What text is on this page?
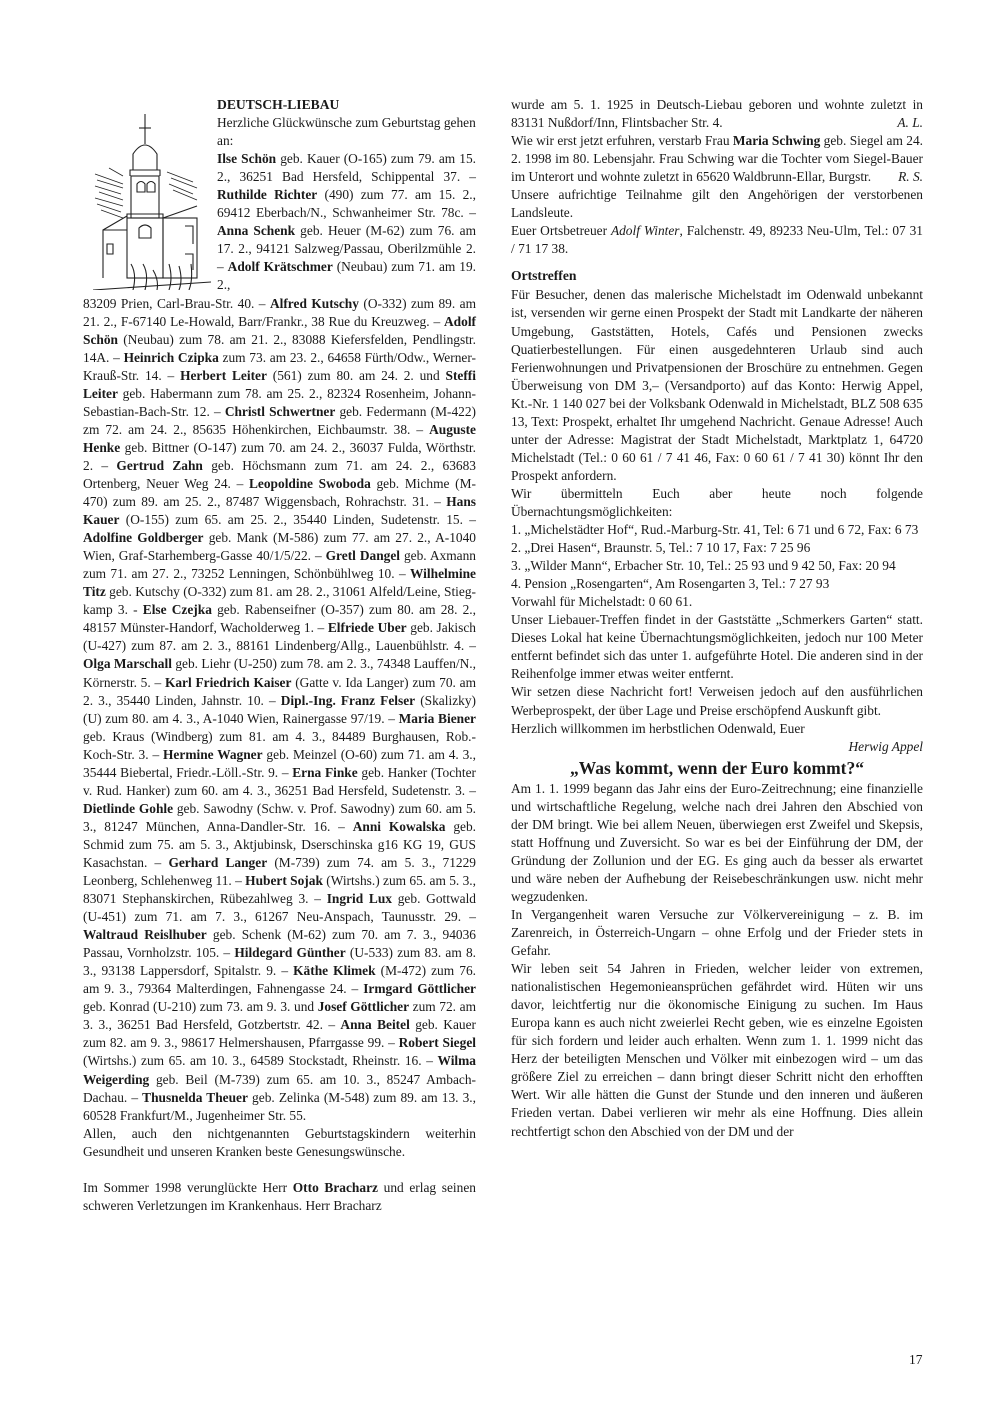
DEUTSCH-LIEBAU

Herzliche Glückwünsche zum Geburtstag gehen an:

Ilse Schön geb. Kauer (O-165) zum 79. am 15. 2., 36251 Bad Hersfeld, Schippental 37. – Ruthilde Richter (490) zum 77. am 15. 2., 69412 Eberbach/N., Schwanheimer Str. 78c. – Anna Schenk geb. Heuer (M-62) zum 76. am 17. 2., 94121 Salzweg/Passau, Oberilzmühle 2. – Adolf Krätschmer (Neubau) zum 71. am 19. 2.,

83209 Prien, Carl-Brau-Str. 40. – Alfred Kutschy (O-332) zum 89. am 21. 2., F-67140 Le-Howald, Barr/Frankr., 38 Rue du Kreuzweg. – Adolf Schön (Neubau) zum 78. am 21. 2., 83088 Kiefersfelden, Pendlingstr. 14A. – Heinrich Czipka zum 73. am 23. 2., 64658 Fürth/Odw., Werner-Krauß-Str. 14. – Herbert Leiter (561) zum 80. am 24. 2. und Steffi Leiter geb. Habermann zum 78. am 25. 2., 82324 Rosenheim, Johann-Sebastian-Bach-Str. 12. – Christl Schwertner geb. Federmann (M-422) zm 72. am 24. 2., 85635 Höhenkirchen, Eichbaumstr. 38. – Auguste Henke geb. Bittner (O-147) zum 70. am 24. 2., 36037 Fulda, Wörthstr. 2. – Gertrud Zahn geb. Höchsmann zum 71. am 24. 2., 63683 Ortenberg, Neuer Weg 24. – Leopoldine Swoboda geb. Michme (M-470) zum 89. am 25. 2., 87487 Wiggensbach, Rohrachstr. 31. – Hans Kauer (O-155) zum 65. am 25. 2., 35440 Linden, Sudetenstr. 15. – Adolfine Goldberger geb. Mank (M-586) zum 77. am 27. 2., A-1040 Wien, Graf-Starhemberg-Gasse 40/1/5/22. – Gretl Dangel geb. Axmann zum 71. am 27. 2., 73252 Lenningen, Schönbühlweg 10. – Wilhelmine Titz geb. Kutschy (O-332) zum 81. am 28. 2., 31061 Alfeld/Leine, Stieg-kamp 3. - Else Czejka geb. Rabenseifner (O-357) zum 80. am 28. 2., 48157 Münster-Handorf, Wacholderweg 1. – Elfriede Uber geb. Jakisch (U-427) zum 87. am 2. 3., 88161 Lindenberg/Allg., Lauenbühlstr. 4. – Olga Marschall geb. Liehr (U-250) zum 78. am 2. 3., 74348 Lauffen/N., Körnerstr. 5. – Karl Friedrich Kaiser (Gatte v. Ida Langer) zum 70. am 2. 3., 35440 Linden, Jahnstr. 10. – Dipl.-Ing. Franz Felser (Skalizky) (U) zum 80. am 4. 3., A-1040 Wien, Rainergasse 97/19. – Maria Biener geb. Kraus (Windberg) zum 81. am 4. 3., 84489 Burghausen, Rob.-Koch-Str. 3. – Hermine Wagner geb. Meinzel (O-60) zum 71. am 4. 3., 35444 Biebertal, Friedr.-Löll.-Str. 9. – Erna Finke geb. Hanker (Tochter v. Rud. Hanker) zum 60. am 4. 3., 36251 Bad Hersfeld, Sudetenstr. 3. – Dietlinde Gohle geb. Sawodny (Schw. v. Prof. Sawodny) zum 60. am 5. 3., 81247 München, Anna-Dandler-Str. 16. – Anni Kowalska geb. Schmid zum 75. am 5. 3., Aktjubinsk, Dserschinska g16 KG 19, GUS Kasachstan. – Gerhard Langer (M-739) zum 74. am 5. 3., 71229 Leonberg, Schlehenweg 11. – Hubert Sojak (Wirtshs.) zum 65. am 5. 3., 83071 Stephanskirchen, Rübezahlweg 3. – Ingrid Lux geb. Gottwald (U-451) zum 71. am 7. 3., 61267 Neu-Anspach, Taunusstr. 29. – Waltraud Reislhuber geb. Schenk (M-62) zum 70. am 7. 3., 94036 Passau, Vornholzstr. 105. – Hildegard Günther (U-533) zum 83. am 8. 3., 93138 Lappersdorf, Spitalstr. 9. – Käthe Klimek (M-472) zum 76. am 9. 3., 79364 Malterdingen, Fahnengasse 24. – Irmgard Göttlicher geb. Konrad (U-210) zum 73. am 9. 3. und Josef Göttlicher zum 72. am 3. 3., 36251 Bad Hersfeld, Gotzbertstr. 42. – Anna Beitel geb. Kauer zum 82. am 9. 3., 98617 Helmershausen, Pfarrgasse 99. – Robert Siegel (Wirtshs.) zum 65. am 10. 3., 64589 Stockstadt, Rheinstr. 16. – Wilma Weigerding geb. Beil (M-739) zum 65. am 10. 3., 85247 Ambach-Dachau. – Thusnelda Theuer geb. Zelinka (M-548) zum 89. am 13. 3., 60528 Frankfurt/M., Jugenheimer Str. 55.

Allen, auch den nichtgenannten Geburtstagskindern weiterhin Gesundheit und unseren Kranken beste Genesungswünsche.

Im Sommer 1998 verunglückte Herr Otto Bracharz und erlag seinen schweren Verletzungen im Krankenhaus. Herr Bracharz

wurde am 5. 1. 1925 in Deutsch-Liebau geboren und wohnte zuletzt in 83131 Nußdorf/Inn, Flintsbacher Str. 4.	A. L.

Wie wir erst jetzt erfuhren, verstarb Frau Maria Schwing geb. Siegel am 24. 2. 1998 im 80. Lebensjahr. Frau Schwing war die Tochter vom Siegel-Bauer im Unterort und wohnte zuletzt in 65620 Waldbrunn-Ellar, Burgstr. R. S.

Unsere aufrichtige Teilnahme gilt den Angehörigen der verstorbenen Landsleute.

Euer Ortsbetreuer Adolf Winter, Falchenstr. 49, 89233 Neu-Ulm, Tel.: 07 31 / 71 17 38.

Ortstreffen

Für Besucher, denen das malerische Michelstadt im Odenwald unbekannt ist, versenden wir gerne einen Prospekt der Stadt mit Landkarte der näheren Umgebung, Gaststätten, Hotels, Cafés und Pensionen zwecks Quatierbestellungen. Für einen ausgedehnteren Urlaub sind auch Ferienwohnungen und Privatpensionen der Broschüre zu entnehmen. Gegen Überweisung von DM 3,– (Versandporto) auf das Konto: Herwig Appel, Kt.-Nr. 1 140 027 bei der Volksbank Odenwald in Michelstadt, BLZ 508 635 13, Text: Prospekt, erhaltet Ihr umgehend Nachricht. Genaue Adresse! Auch unter der Adresse: Magistrat der Stadt Michelstadt, Marktplatz 1, 64720 Michelstadt (Tel.: 0 60 61 / 7 41 46, Fax: 0 60 61 / 7 41 30) könnt Ihr den Prospekt anfordern.

Wir übermitteln Euch aber heute noch folgende Übernachtungsmöglichkeiten:

1. „Michelstädter Hof“, Rud.-Marburg-Str. 41, Tel: 6 71 und 6 72, Fax: 6 73

2. „Drei Hasen“, Braunstr. 5, Tel.: 7 10 17, Fax: 7 25 96

3. „Wilder Mann“, Erbacher Str. 10, Tel.: 25 93 und 9 42 50, Fax: 20 94

4. Pension „Rosengarten“, Am Rosengarten 3, Tel.: 7 27 93

Vorwahl für Michelstadt: 0 60 61.

Unser Liebauer-Treffen findet in der Gaststätte „Schmerkers Garten“ statt. Dieses Lokal hat keine Übernachtungsmöglichkeiten, jedoch nur 100 Meter entfernt befindet sich das unter 1. aufgeführte Hotel. Die anderen sind in der Reihenfolge immer etwas weiter entfernt.

Wir setzen diese Nachricht fort! Verweisen jedoch auf den ausführlichen Werbeprospekt, der über Lage und Preise erschöpfend Auskunft gibt.

Herzlich willkommen im herbstlichen Odenwald, Euer

Herwig Appel

„Was kommt, wenn der Euro kommt?“

Am 1. 1. 1999 begann das Jahr eins der Euro-Zeitrechnung; eine finanzielle und wirtschaftliche Regelung, welche nach drei Jahren den Abschied von der DM bringt. Wie bei allem Neuen, überwiegen erst Zweifel und Skepsis, statt Hoffnung und Zuversicht. So war es bei der Einführung der DM, der Gründung der Zollunion und der EG. Es ging auch da besser als erwartet und wäre neben der Aufhebung der Reisebeschränkungen usw. nicht mehr wegzudenken.

In Vergangenheit waren Versuche zur Völkervereinigung – z. B. im Zarenreich, in Österreich-Ungarn – ohne Erfolg und der Frieder stets in Gefahr.

Wir leben seit 54 Jahren in Frieden, welcher leider von extremen, nationalistischen Hegemonieansprüchen gefährdet wird. Hüten wir uns davor, leichtfertig nur die ökonomische Einigung zu suchen. Im Haus Europa kann es auch nicht zweierlei Recht geben, wie es einzelne Egoisten für sich fordern und leider auch erhalten. Wenn zum 1. 1. 1999 nicht das Herz der beteiligten Menschen und Völker mit einbezogen wird – um das größere Ziel zu erreichen – dann bringt dieser Schritt nicht den erhofften Wert. Wir alle hätten die Gunst der Stunde und den inneren und äußeren Frieden vertan. Dabei verlieren wir mehr als eine Hoffnung. Dies allein rechtfertigt schon den Abschied von der DM und der

17
